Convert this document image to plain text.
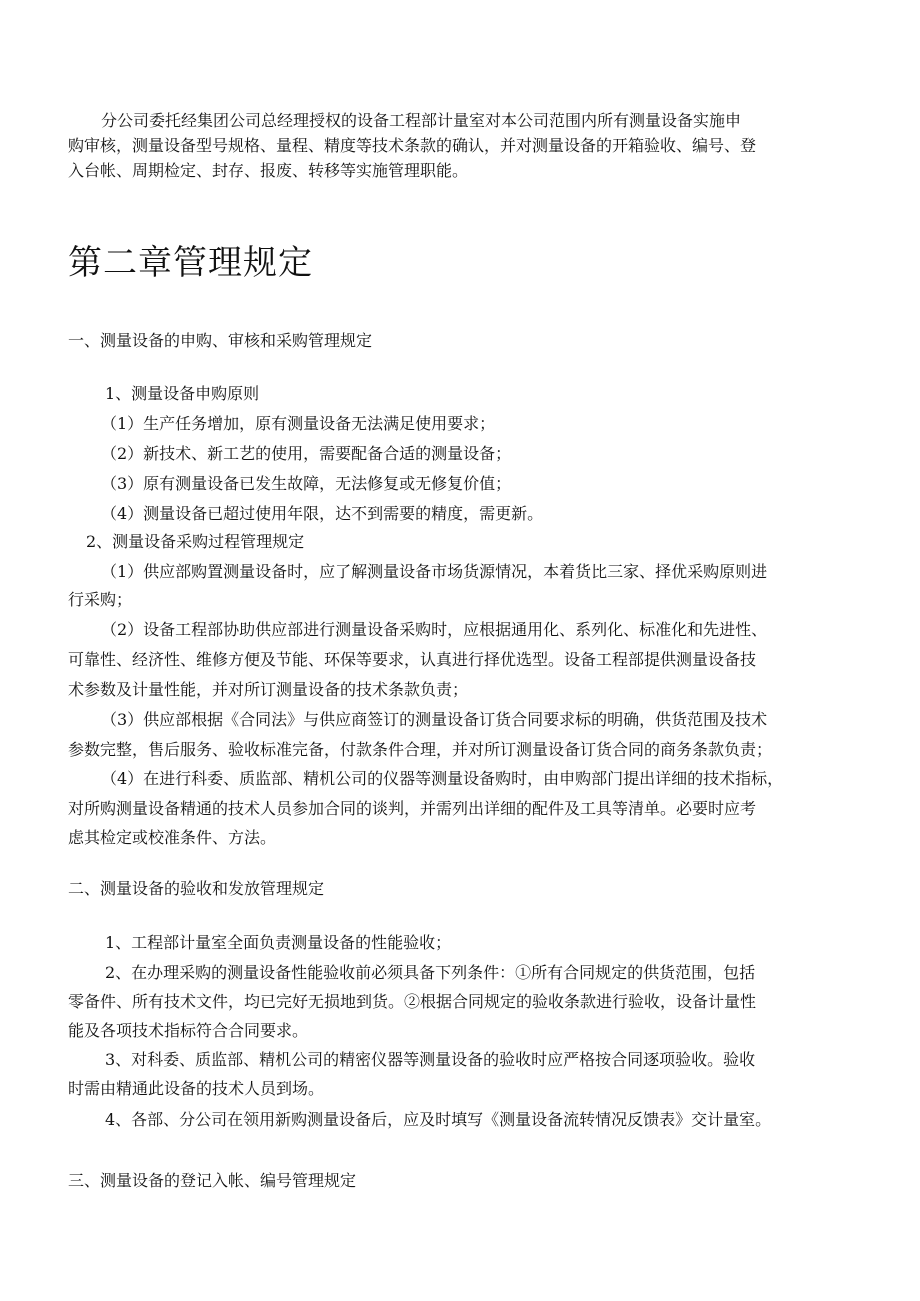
分公司委托经集团公司总经理授权的设备工程部计量室对本公司范围内所有测量设备实施申
购审核，测量设备型号规格、量程、精度等技术条款的确认，并对测量设备的开箱验收、编号、登
入台帐、周期检定、封存、报废、转移等实施管理职能。
第二章管理规定
一、测量设备的申购、审核和采购管理规定
1、测量设备申购原则
（1）生产任务增加，原有测量设备无法满足使用要求；
（2）新技术、新工艺的使用，需要配备合适的测量设备；
（3）原有测量设备已发生故障，无法修复或无修复价值；
（4）测量设备已超过使用年限，达不到需要的精度，需更新。
2、测量设备采购过程管理规定
（1）供应部购置测量设备时，应了解测量设备市场货源情况，本着货比三家、择优采购原则进
行采购；
（2）设备工程部协助供应部进行测量设备采购时，应根据通用化、系列化、标准化和先进性、
可靠性、经济性、维修方便及节能、环保等要求，认真进行择优选型。设备工程部提供测量设备技
术参数及计量性能，并对所订测量设备的技术条款负责；
（3）供应部根据《合同法》与供应商签订的测量设备订货合同要求标的明确，供货范围及技术
参数完整，售后服务、验收标准完备，付款条件合理，并对所订测量设备订货合同的商务条款负责；
（4）在进行科委、质监部、精机公司的仪器等测量设备购时，由申购部门提出详细的技术指标，
对所购测量设备精通的技术人员参加合同的谈判，并需列出详细的配件及工具等清单。必要时应考
虑其检定或校准条件、方法。
二、测量设备的验收和发放管理规定
1、工程部计量室全面负责测量设备的性能验收；
2、在办理采购的测量设备性能验收前必须具备下列条件：①所有合同规定的供货范围，包括
零备件、所有技术文件，均已完好无损地到货。②根据合同规定的验收条款进行验收，设备计量性
能及各项技术指标符合合同要求。
3、对科委、质监部、精机公司的精密仪器等测量设备的验收时应严格按合同逐项验收。验收
时需由精通此设备的技术人员到场。
4、各部、分公司在领用新购测量设备后，应及时填写《测量设备流转情况反馈表》交计量室。
三、测量设备的登记入帐、编号管理规定
